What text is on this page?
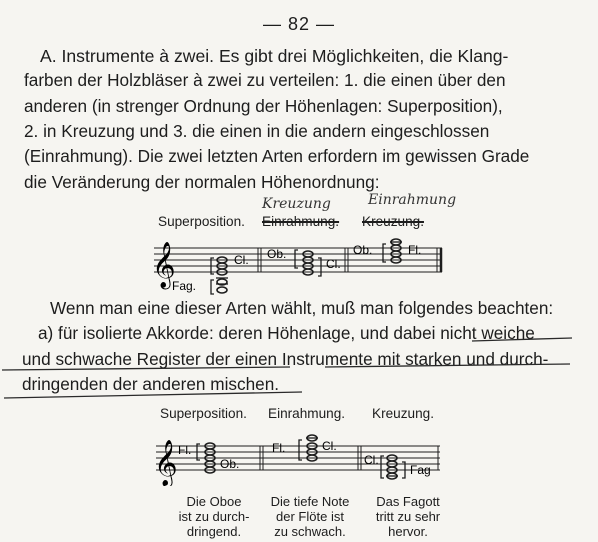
— 82 —
A. Instrumente à zwei. Es gibt drei Möglichkeiten, die Klang-
farben der Holzbläser à zwei zu verteilen: 1. die einen über den
anderen (in strenger Ordnung der Höhenlagen: Superposition),
2. in Kreuzung und 3. die einen in die andern eingeschlossen
(Einrahmung). Die zwei letzten Arten erfordern im gewissen Grade
die Veränderung der normalen Höhenordnung:
Superposition. Einrahmung. Kreuzung.
Kreuzung	Einrahmung
𝄞	Cl.
Fag.
Ob.
Cl.
Ob.	Fl.
Wenn man eine dieser Arten wählt, muß man folgendes beachten:
a) für isolierte Akkorde: deren Höhenlage, und dabei nicht weiche
und schwache Register der einen Instrumente mit starken und durch-
dringenden der anderen mischen.
Superposition. Einrahmung. Kreuzung.
𝄞 Fl.
Ob.
Fl.	Cl.
Cl.
Fag
Die Oboe
ist zu durch-
dringend.
Die tiefe Note
der Flöte ist
zu schwach.
Das Fagott
tritt zu sehr
hervor.
